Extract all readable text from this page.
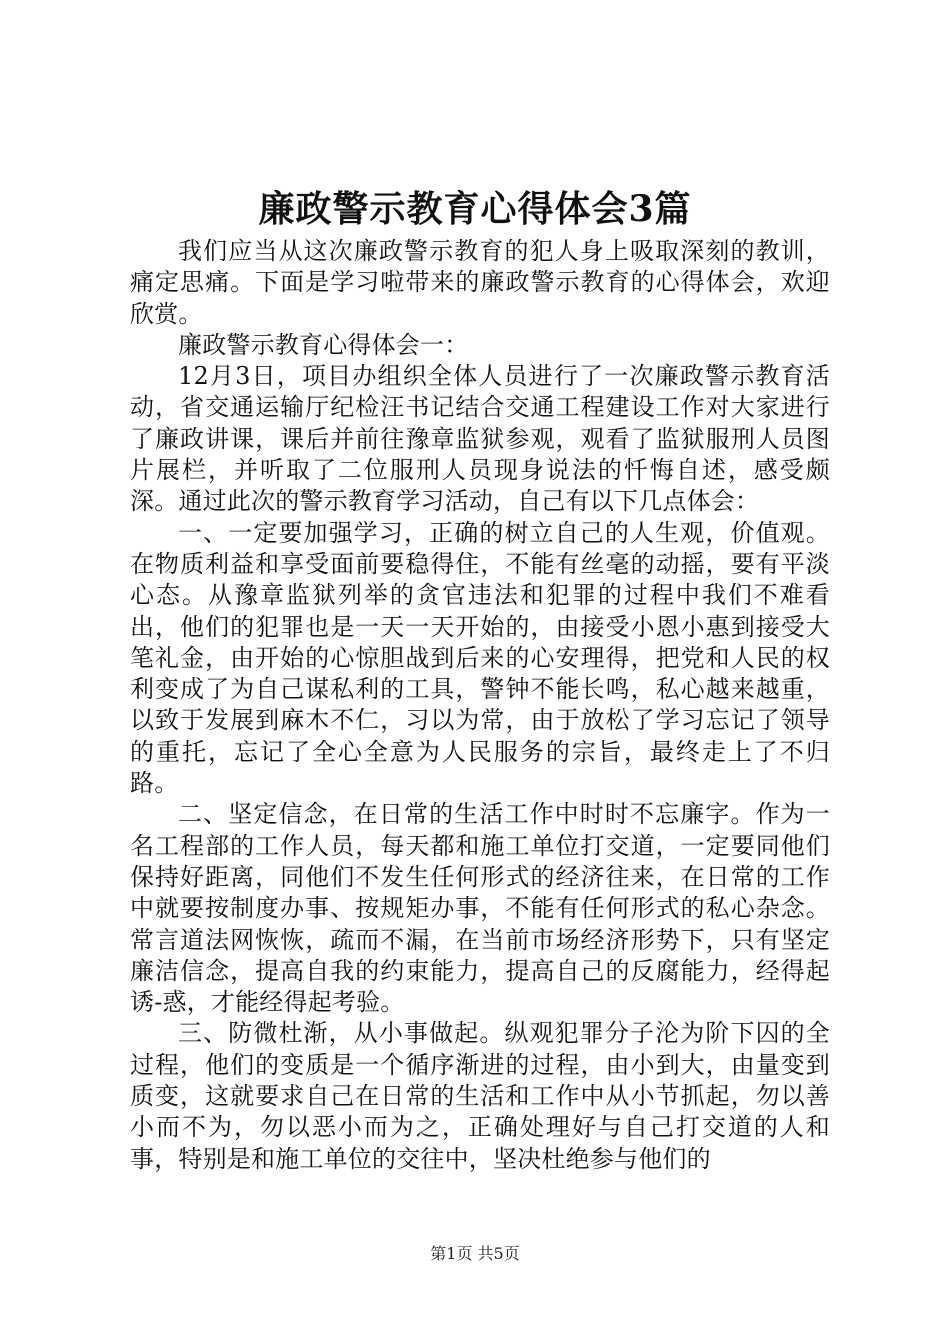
廉政警示教育心得体会3篇

我们应当从这次廉政警示教育的犯人身上吸取深刻的教训，痛定思痛。下面是学习啦带来的廉政警示教育的心得体会，欢迎欣赏。

廉政警示教育心得体会一：

12月3日，项目办组织全体人员进行了一次廉政警示教育活动，省交通运输厅纪检汪书记结合交通工程建设工作对大家进行了廉政讲课，课后并前往豫章监狱参观，观看了监狱服刑人员图片展栏，并听取了二位服刑人员现身说法的忏悔自述，感受颇深。通过此次的警示教育学习活动，自己有以下几点体会：

一、一定要加强学习，正确的树立自己的人生观，价值观。在物质利益和享受面前要稳得住，不能有丝毫的动摇，要有平淡心态。从豫章监狱列举的贪官违法和犯罪的过程中我们不难看出，他们的犯罪也是一天一天开始的，由接受小恩小惠到接受大笔礼金，由开始的心惊胆战到后来的心安理得，把党和人民的权利变成了为自己谋私利的工具，警钟不能长鸣，私心越来越重，以致于发展到麻木不仁，习以为常，由于放松了学习忘记了领导的重托，忘记了全心全意为人民服务的宗旨，最终走上了不归路。

二、坚定信念，在日常的生活工作中时时不忘廉字。作为一名工程部的工作人员，每天都和施工单位打交道，一定要同他们保持好距离，同他们不发生任何形式的经济往来，在日常的工作中就要按制度办事、按规矩办事，不能有任何形式的私心杂念。常言道法网恢恢，疏而不漏，在当前市场经济形势下，只有坚定廉洁信念，提高自我的约束能力，提高自己的反腐能力，经得起诱-惑，才能经得起考验。

三、防微杜渐，从小事做起。纵观犯罪分子沦为阶下囚的全过程，他们的变质是一个循序渐进的过程，由小到大，由量变到质变，这就要求自己在日常的生活和工作中从小节抓起，勿以善小而不为，勿以恶小而为之，正确处理好与自己打交道的人和事，特别是和施工单位的交往中，坚决杜绝参与他们的

第1页 共5页
